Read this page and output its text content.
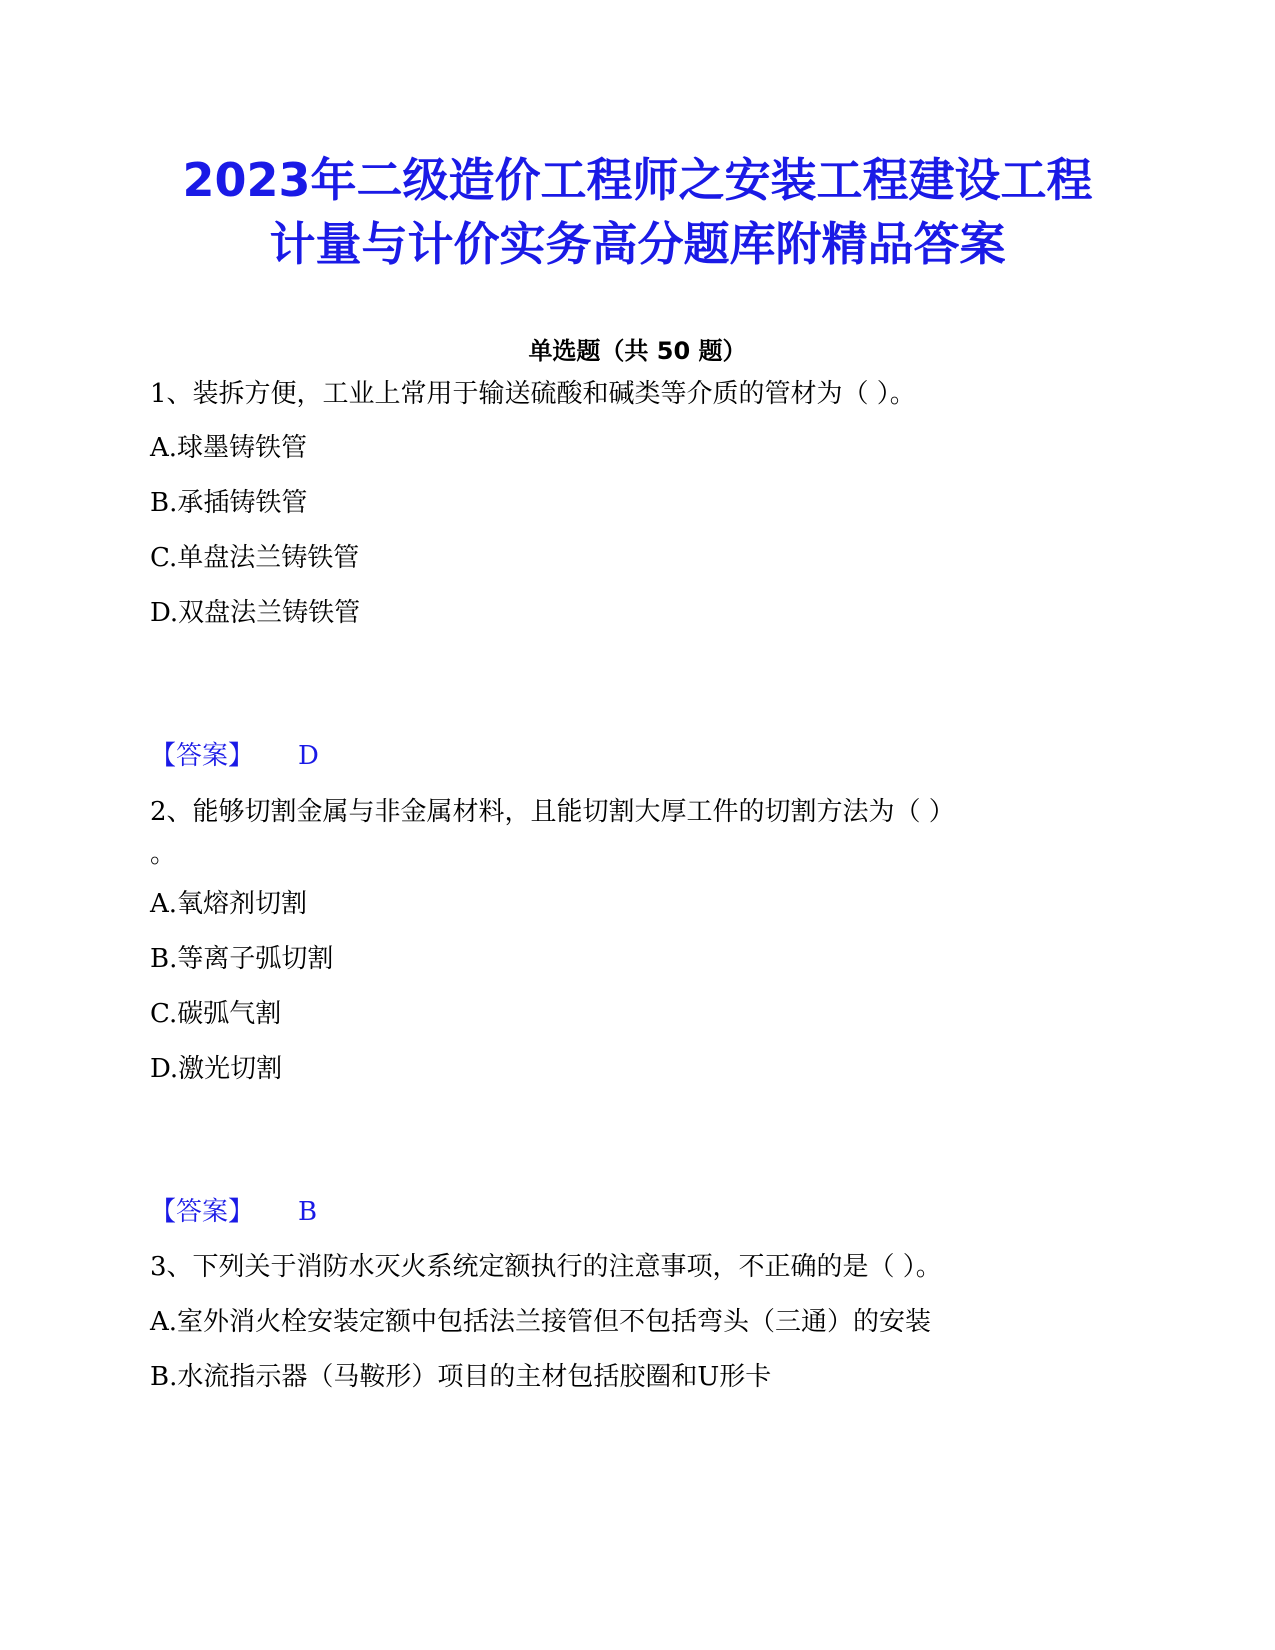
2023年二级造价工程师之安装工程建设工程
计量与计价实务高分题库附精品答案
单选题（共 50 题）
1、装拆方便，工业上常用于输送硫酸和碱类等介质的管材为（ ）。
A.球墨铸铁管
B.承插铸铁管
C.单盘法兰铸铁管
D.双盘法兰铸铁管
【答案】 D
2、能够切割金属与非金属材料，且能切割大厚工件的切割方法为（ ）
。
A.氧熔剂切割
B.等离子弧切割
C.碳弧气割
D.激光切割
【答案】 B
3、下列关于消防水灭火系统定额执行的注意事项，不正确的是（ ）。
A.室外消火栓安装定额中包括法兰接管但不包括弯头（三通）的安装
B.水流指示器（马鞍形）项目的主材包括胶圈和U形卡
